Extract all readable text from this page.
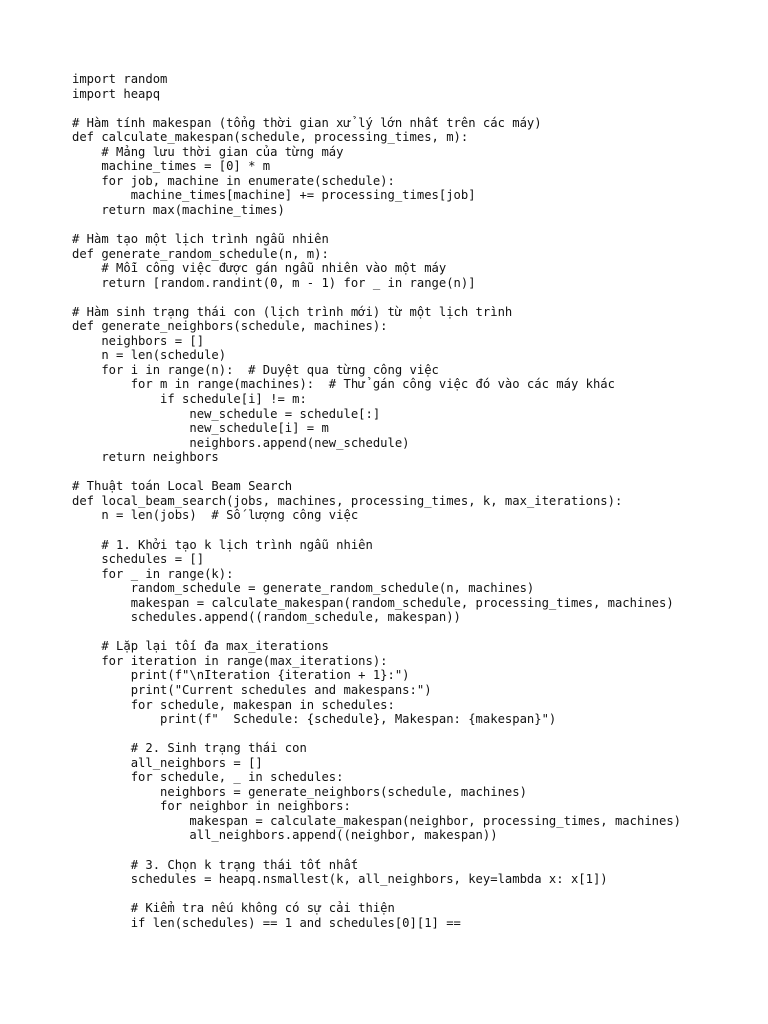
import random
import heapq
# Hàm tính makespan (tổng thời gian xử lý lớn nhất trên các máy)
def calculate_makespan(schedule, processing_times, m):
# Mảng lưu thời gian của từng máy
machine_times = [0] * m
for job, machine in enumerate(schedule):
machine_times[machine] += processing_times[job]
return max(machine_times)
# Hàm tạo một lịch trình ngẫu nhiên
def generate_random_schedule(n, m):
# Mỗi công việc được gán ngẫu nhiên vào một máy
return [random.randint(0, m - 1) for _ in range(n)]
# Hàm sinh trạng thái con (lịch trình mới) từ một lịch trình
def generate_neighbors(schedule, machines):
neighbors = []
n = len(schedule)
for i in range(n):  # Duyệt qua từng công việc
for m in range(machines):  # Thử gán công việc đó vào các máy khác
if schedule[i] != m:
new_schedule = schedule[:]
new_schedule[i] = m
neighbors.append(new_schedule)
return neighbors
# Thuật toán Local Beam Search
def local_beam_search(jobs, machines, processing_times, k, max_iterations):
n = len(jobs)  # Số lượng công việc
# 1. Khởi tạo k lịch trình ngẫu nhiên
schedules = []
for _ in range(k):
random_schedule = generate_random_schedule(n, machines)
makespan = calculate_makespan(random_schedule, processing_times, machines)
schedules.append((random_schedule, makespan))
# Lặp lại tối đa max_iterations
for iteration in range(max_iterations):
print(f"\nIteration {iteration + 1}:")
print("Current schedules and makespans:")
for schedule, makespan in schedules:
print(f"  Schedule: {schedule}, Makespan: {makespan}")
# 2. Sinh trạng thái con
all_neighbors = []
for schedule, _ in schedules:
neighbors = generate_neighbors(schedule, machines)
for neighbor in neighbors:
makespan = calculate_makespan(neighbor, processing_times, machines)
all_neighbors.append((neighbor, makespan))
# 3. Chọn k trạng thái tốt nhất
schedules = heapq.nsmallest(k, all_neighbors, key=lambda x: x[1])
# Kiểm tra nếu không có sự cải thiện
if len(schedules) == 1 and schedules[0][1] ==
